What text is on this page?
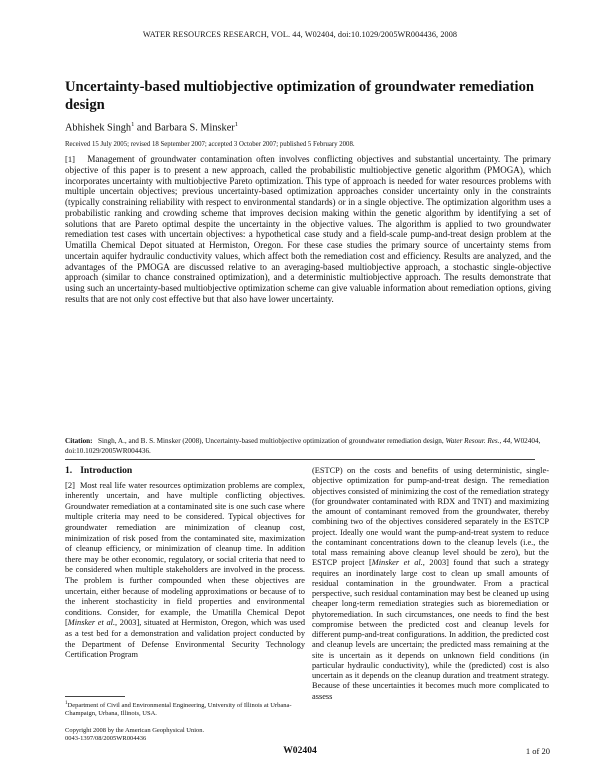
WATER RESOURCES RESEARCH, VOL. 44, W02404, doi:10.1029/2005WR004436, 2008
Uncertainty-based multiobjective optimization of groundwater remediation design
Abhishek Singh$^1$ and Barbara S. Minsker$^1$
Received 15 July 2005; revised 18 September 2007; accepted 3 October 2007; published 5 February 2008.
[1] Management of groundwater contamination often involves conflicting objectives and substantial uncertainty. The primary objective of this paper is to present a new approach, called the probabilistic multiobjective genetic algorithm (PMOGA), which incorporates uncertainty with multiobjective Pareto optimization. This type of approach is needed for water resources problems with multiple uncertain objectives; previous uncertainty-based optimization approaches consider uncertainty only in the constraints (typically constraining reliability with respect to environmental standards) or in a single objective. The optimization algorithm uses a probabilistic ranking and crowding scheme that improves decision making within the genetic algorithm by identifying a set of solutions that are Pareto optimal despite the uncertainty in the objective values. The algorithm is applied to two groundwater remediation test cases with uncertain objectives: a hypothetical case study and a field-scale pump-and-treat design problem at the Umatilla Chemical Depot situated at Hermiston, Oregon. For these case studies the primary source of uncertainty stems from uncertain aquifer hydraulic conductivity values, which affect both the remediation cost and efficiency. Results are analyzed, and the advantages of the PMOGA are discussed relative to an averaging-based multiobjective approach, a stochastic single-objective approach (similar to chance constrained optimization), and a deterministic multiobjective approach. The results demonstrate that using such an uncertainty-based multiobjective optimization scheme can give valuable information about remediation options, giving results that are not only cost effective but that also have lower uncertainty.
Citation: Singh, A., and B. S. Minsker (2008), Uncertainty-based multiobjective optimization of groundwater remediation design, Water Resour. Res., 44, W02404, doi:10.1029/2005WR004436.
1. Introduction

[2] Most real life water resources optimization problems are complex, inherently uncertain, and have multiple conflicting objectives. Groundwater remediation at a contaminated site is one such case where multiple criteria may need to be considered. Typical objectives for groundwater remediation are minimization of cleanup cost, minimization of risk posed from the contaminated site, maximization of cleanup efficiency, or minimization of cleanup time. In addition there may be other economic, regulatory, or social criteria that need to be considered when multiple stakeholders are involved in the process. The problem is further compounded when these objectives are uncertain, either because of modeling approximations or because of to the inherent stochasticity in field properties and environmental conditions. Consider, for example, the Umatilla Chemical Depot [Minsker et al., 2003], situated at Hermiston, Oregon, which was used as a test bed for a demonstration and validation project conducted by the Department of Defense Environmental Security Technology Certification Program

(ESTCP) on the costs and benefits of using deterministic, single-objective optimization for pump-and-treat design. The remediation objectives consisted of minimizing the cost of the remediation strategy (for groundwater contaminated with RDX and TNT) and maximizing the amount of contaminant removed from the groundwater, thereby combining two of the objectives considered separately in the ESTCP project. Ideally one would want the pump-and-treat system to reduce the contaminant concentrations down to the cleanup levels (i.e., the total mass remaining above cleanup level should be zero), but the ESTCP project [Minsker et al., 2003] found that such a strategy requires an inordinately large cost to clean up small amounts of residual contamination in the groundwater. From a practical perspective, such residual contamination may best be cleaned up using cheaper long-term remediation strategies such as bioremediation or phytoremediation. In such circumstances, one needs to find the best compromise between the predicted cost and cleanup levels for different pump-and-treat configurations. In addition, the predicted cost and cleanup levels are uncertain; the predicted mass remaining at the site is uncertain as it depends on unknown field conditions (in particular hydraulic conductivity), while the (predicted) cost is also uncertain as it depends on the cleanup duration and treatment strategy. Because of these uncertainties it becomes much more complicated to assess

$^1$Department of Civil and Environmental Engineering, University of Illinois at Urbana-Champaign, Urbana, Illinois, USA.
Copyright 2008 by the American Geophysical Union.
0043-1397/08/2005WR004436
W02404	1 of 20
